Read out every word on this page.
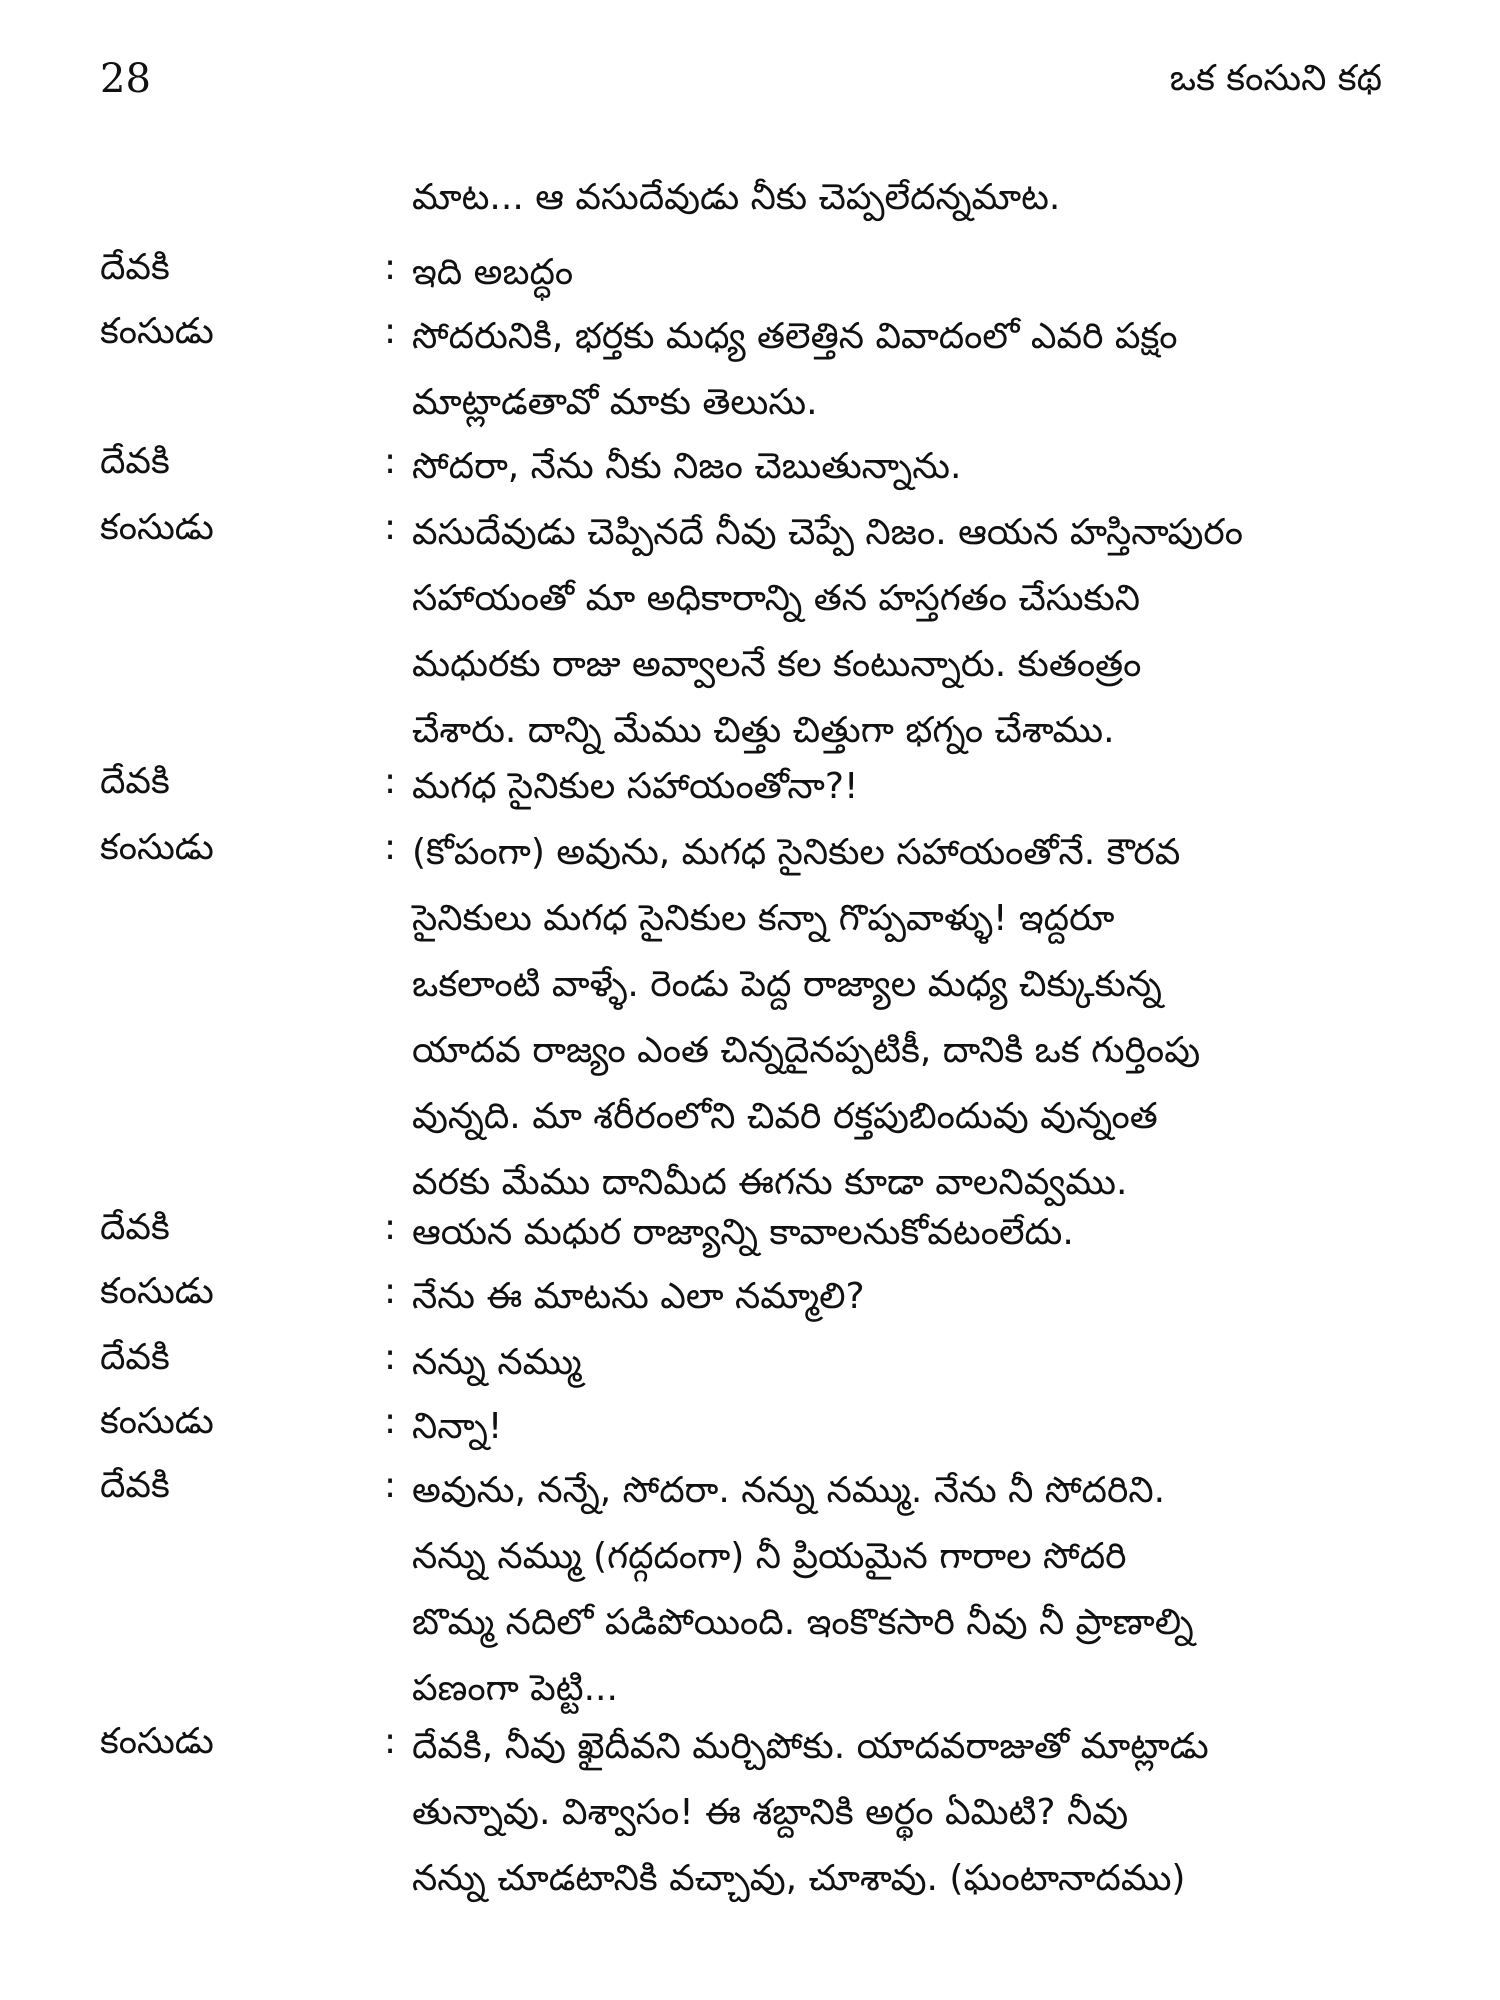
28	ఒక కంసుని కథ
మాట... ఆ వసుదేవుడు నీకు చెప్పలేదన్నమాట.
దేవకి	: ఇది అబద్ధం
కంసుడు	: సోదరునికి, భర్తకు మధ్య తలెత్తిన వివాదంలో ఎవరి పక్షం
మాట్లాడతావో మాకు తెలుసు.
దేవకి	: సోదరా, నేను నీకు నిజం చెబుతున్నాను.
కంసుడు	: వసుదేవుడు చెప్పినదే నీవు చెప్పే నిజం. ఆయన హస్తినాపురం
సహాయంతో మా అధికారాన్ని తన హస్తగతం చేసుకుని
మధురకు రాజు అవ్వాలనే కల కంటున్నారు. కుతంత్రం
చేశారు. దాన్ని మేము చిత్తు చిత్తుగా భగ్నం చేశాము.
దేవకి	: మగధ సైనికుల సహాయంతోనా?!
కంసుడు	: (కోపంగా) అవును, మగధ సైనికుల సహాయంతోనే. కౌరవ
సైనికులు మగధ సైనికుల కన్నా గొప్పవాళ్ళు! ఇద్దరూ
ఒకలాంటి వాళ్ళే. రెండు పెద్ద రాజ్యాల మధ్య చిక్కుకున్న
యాదవ రాజ్యం ఎంత చిన్నదైనప్పటికీ, దానికి ఒక గుర్తింపు
వున్నది. మా శరీరంలోని చివరి రక్తపుబిందువు వున్నంత
వరకు మేము దానిమీద ఈగను కూడా వాలనివ్వము.
దేవకి	: ఆయన మధుర రాజ్యాన్ని కావాలనుకోవటంలేదు.
కంసుడు	: నేను ఈ మాటను ఎలా నమ్మాలి?
దేవకి	: నన్ను నమ్ము
కంసుడు	: నిన్నా!
దేవకి	: అవును, నన్నే, సోదరా. నన్ను నమ్ము. నేను నీ సోదరిని.
నన్ను నమ్ము (గద్గదంగా) నీ ప్రియమైన గారాల సోదరి
బొమ్మ నదిలో పడిపోయింది. ఇంకొకసారి నీవు నీ ప్రాణాల్ని
పణంగా పెట్టి...
కంసుడు	: దేవకి, నీవు ఖైదీవని మర్చిపోకు. యాదవరాజుతో మాట్లాడు
తున్నావు. విశ్వాసం! ఈ శబ్దానికి అర్థం ఏమిటి? నీవు
నన్ను చూడటానికి వచ్చావు, చూశావు. (ఘంటానాదము)
